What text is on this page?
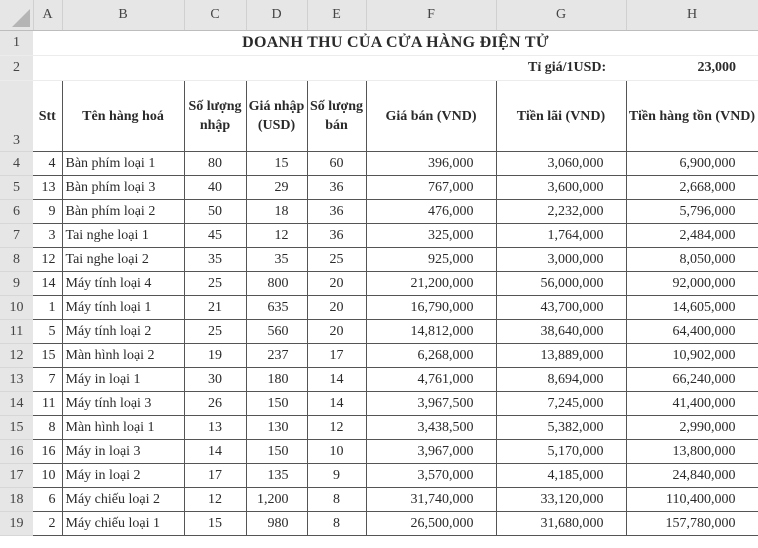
	A	B	C	D	E	F	G	H
1	DOANH THU CỦA CỬA HÀNG ĐIỆN TỬ							
2							Tỉ giá/1USD:	23,000
3	Stt	Tên hàng hoá	Số lượng nhập	Giá nhập (USD)	Số lượng bán	Giá bán (VND)	Tiền lãi (VND)	Tiền hàng tồn (VND)
4	4	Bàn phím loại 1	80	15	60	396,000	3,060,000	6,900,000
5	13	Bàn phím loại 3	40	29	36	767,000	3,600,000	2,668,000
6	9	Bàn phím loại 2	50	18	36	476,000	2,232,000	5,796,000
7	3	Tai nghe loại 1	45	12	36	325,000	1,764,000	2,484,000
8	12	Tai nghe loại 2	35	35	25	925,000	3,000,000	8,050,000
9	14	Máy tính loại 4	25	800	20	21,200,000	56,000,000	92,000,000
10	1	Máy tính loại 1	21	635	20	16,790,000	43,700,000	14,605,000
11	5	Máy tính loại 2	25	560	20	14,812,000	38,640,000	64,400,000
12	15	Màn hình loại 2	19	237	17	6,268,000	13,889,000	10,902,000
13	7	Máy in loại 1	30	180	14	4,761,000	8,694,000	66,240,000
14	11	Máy tính loại 3	26	150	14	3,967,500	7,245,000	41,400,000
15	8	Màn hình loại 1	13	130	12	3,438,500	5,382,000	2,990,000
16	16	Máy in loại 3	14	150	10	3,967,000	5,170,000	13,800,000
17	10	Máy in loại 2	17	135	9	3,570,000	4,185,000	24,840,000
18	6	Máy chiếu loại 2	12	1,200	8	31,740,000	33,120,000	110,400,000
19	2	Máy chiếu loại 1	15	980	8	26,500,000	31,680,000	157,780,000
